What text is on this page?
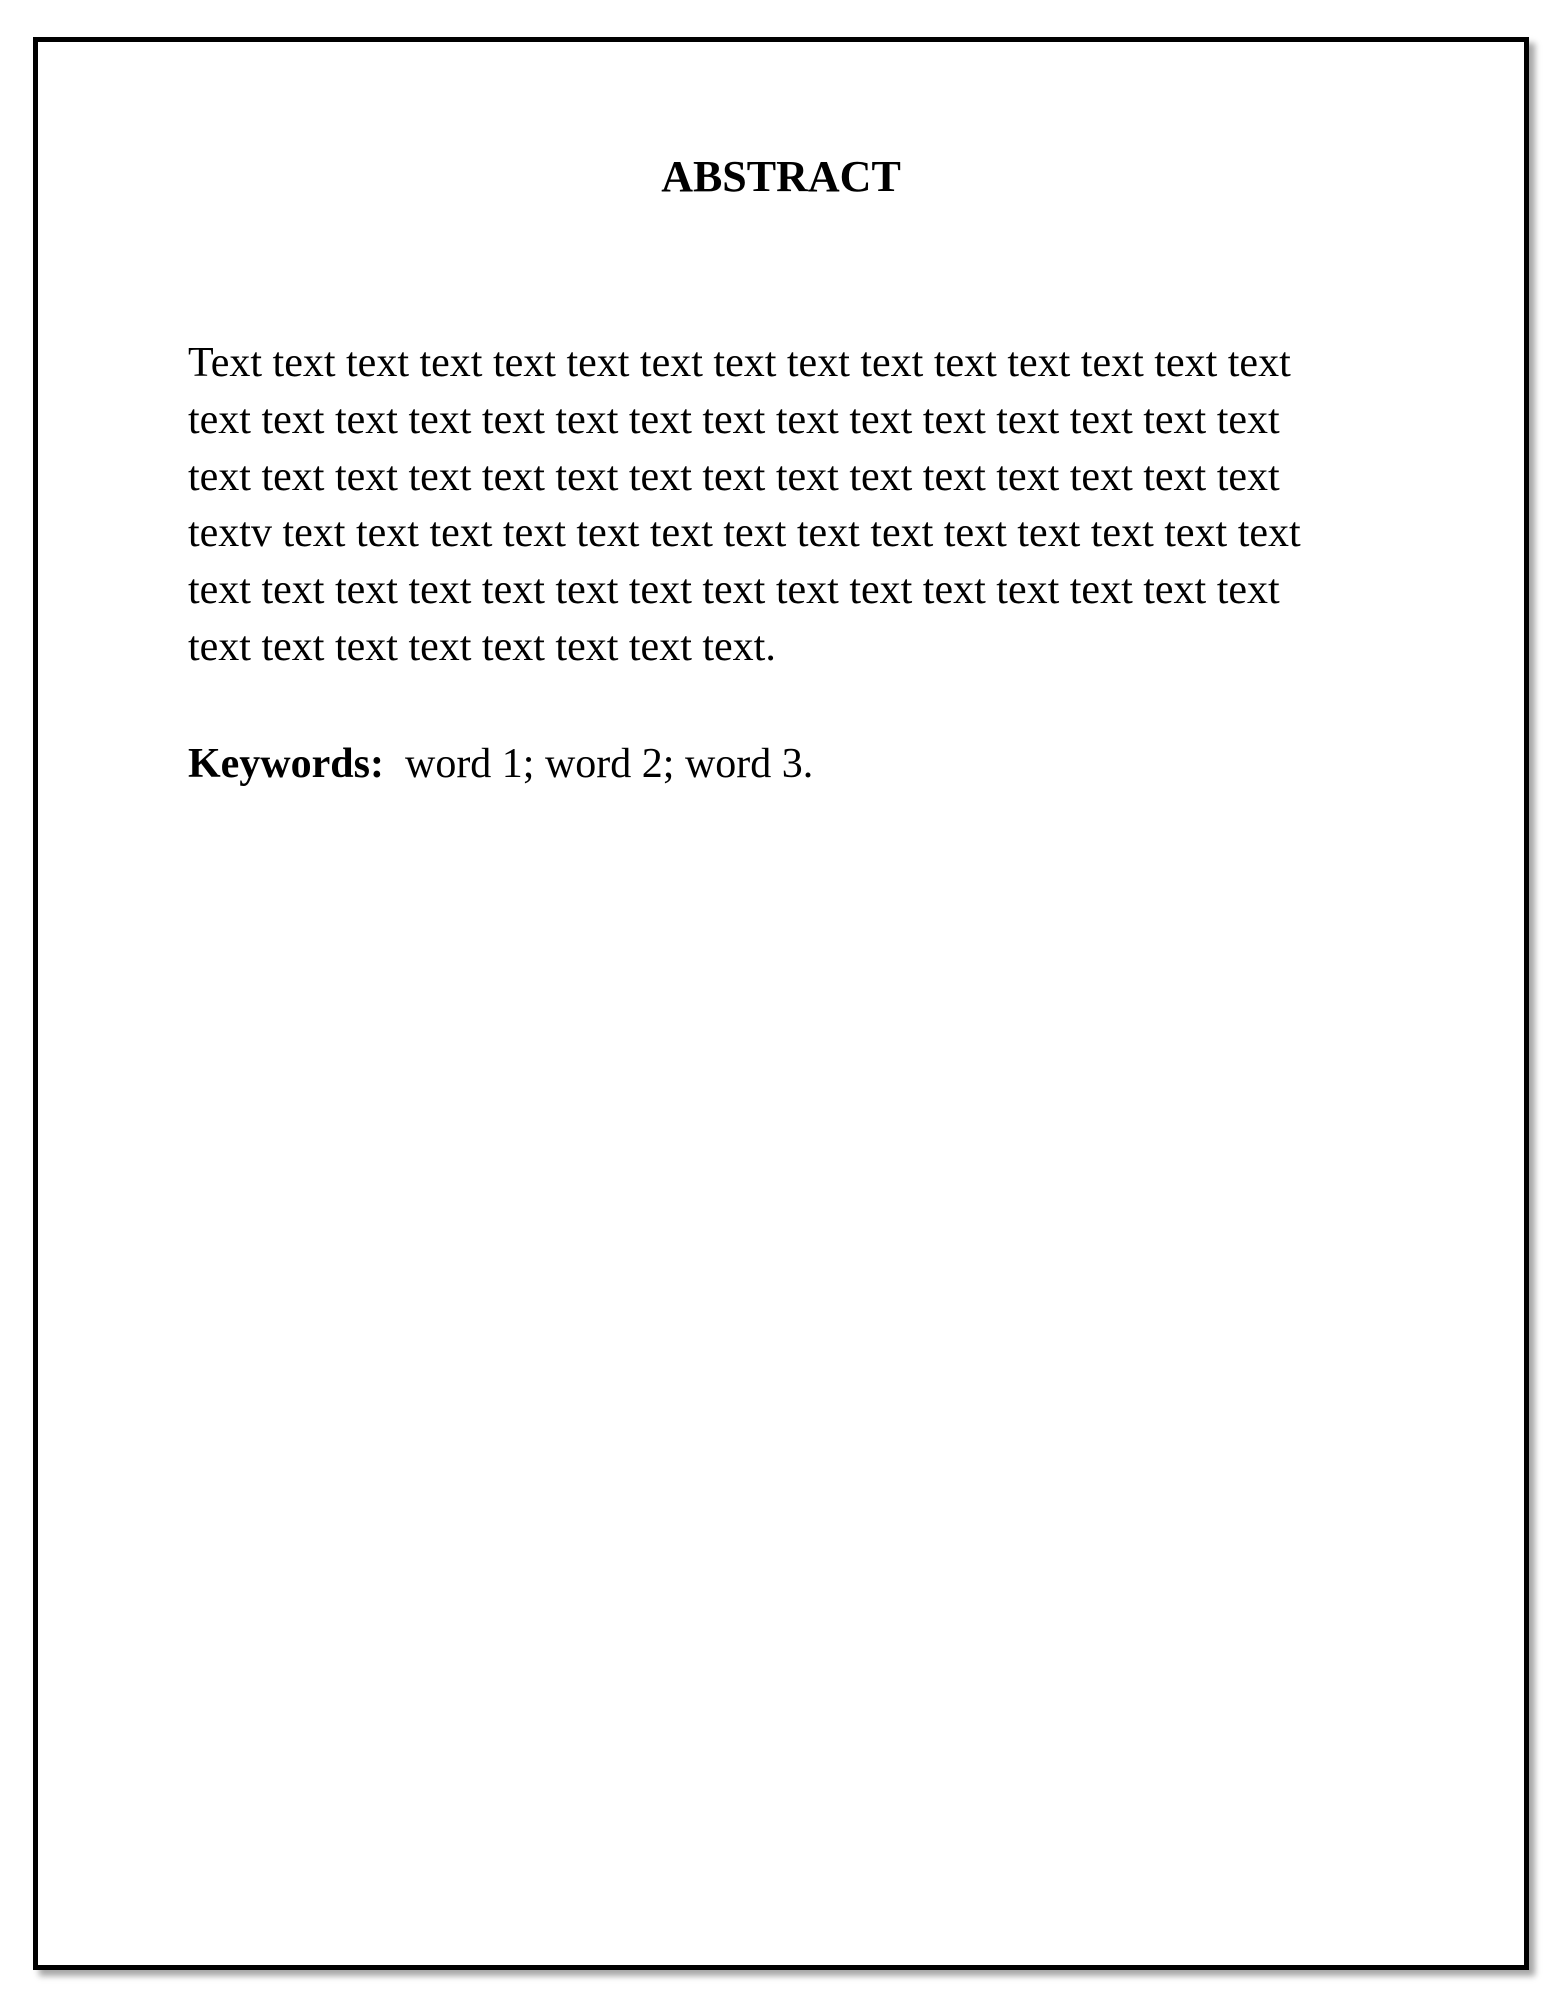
ABSTRACT

Text text text text text text text text text text text text text text text
text text text text text text text text text text text text text text text
text text text text text text text text text text text text text text text
textv text text text text text text text text text text text text text text
text text text text text text text text text text text text text text text
text text text text text text text text.

Keywords:  word 1; word 2; word 3.
